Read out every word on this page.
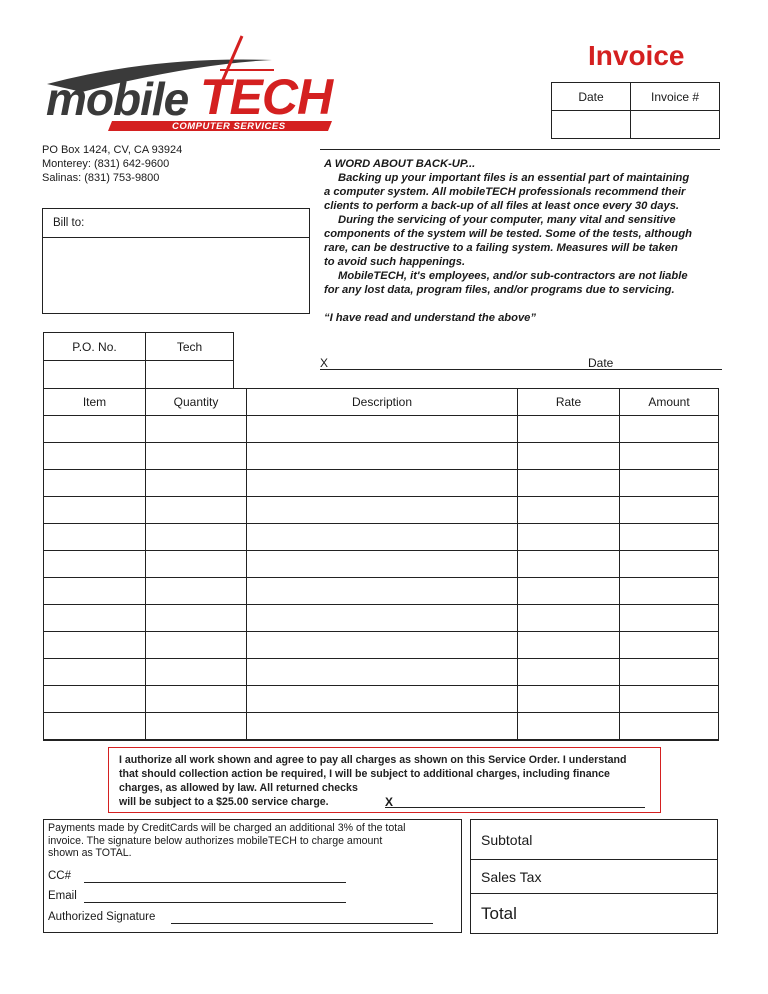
mobile TECH
COMPUTER SERVICES
Invoice
Date	Invoice #

PO Box 1424, CV, CA 93924
Monterey: (831) 642-9600
Salinas: (831) 753-9800
Bill to:
A WORD ABOUT BACK-UP...
Backing up your important files is an essential part of maintaining
a computer system. All mobileTECH professionals recommend their
clients to perform a back-up of all files at least once every 30 days.
During the servicing of your computer, many vital and sensitive
components of the system will be tested. Some of the tests, although
rare, can be destructive to a failing system. Measures will be taken
to avoid such happenings.
MobileTECH, it's employees, and/or sub-contractors are not liable
for any lost data, program files, and/or programs due to servicing.
“I have read and understand the above”
X	Date
P.O. No.	Tech

Item	Quantity	Description	Rate	Amount

I authorize all work shown and agree to pay all charges as shown on this Service Order. I understand
that should collection action be required, I will be subject to additional charges, including finance
charges, as allowed by law. All returned checks
will be subject to a $25.00 service charge.	X
Payments made by CreditCards will be charged an additional 3% of the total
invoice. The signature below authorizes mobileTECH to charge amount
shown as TOTAL.
CC#
Email
Authorized Signature
Subtotal
Sales Tax
Total
